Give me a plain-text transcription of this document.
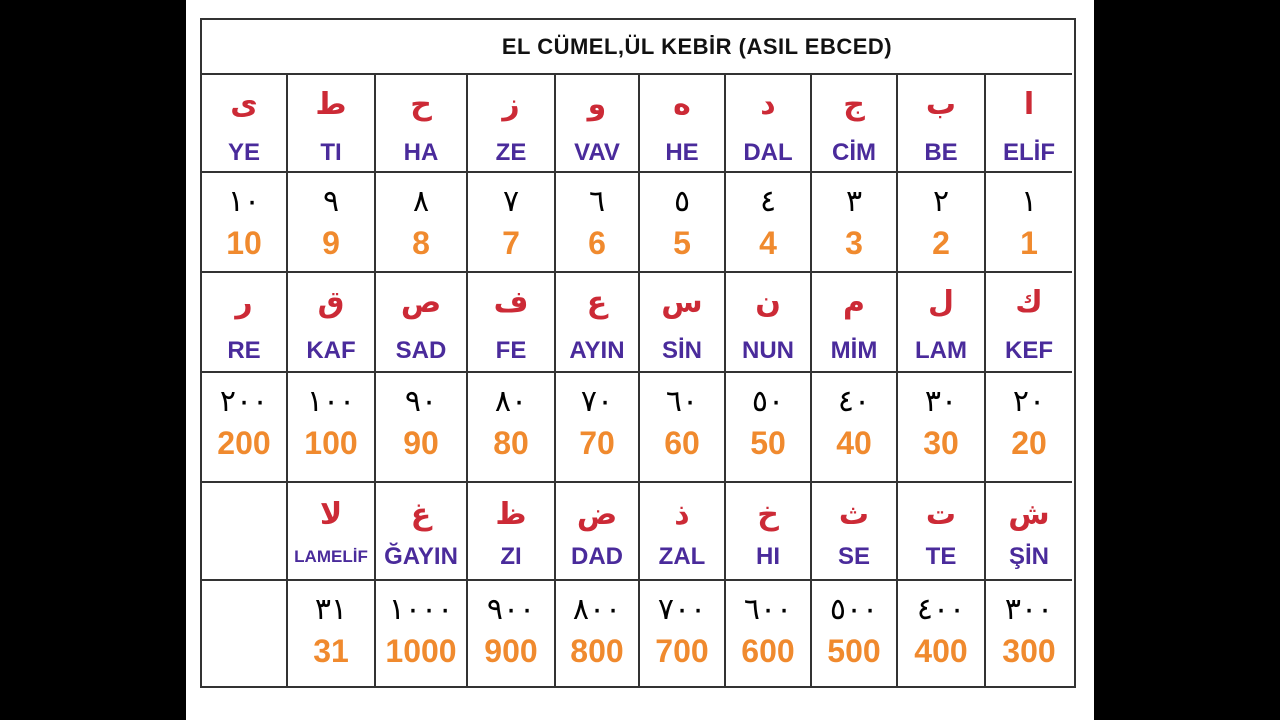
EL CÜMEL,ÜL KEBİR (ASIL EBCED)
ی
YE
ط
TI
ح
HA
ز
ZE
و
VAV
ه
HE
د
DAL
ج
CİM
ب
BE
ا
ELİF
١٠
10
٩
9
٨
8
٧
7
٦
6
٥
5
٤
4
٣
3
٢
2
١
1
ر
RE
ق
KAF
ص
SAD
ف
FE
ع
AYIN
س
SİN
ن
NUN
م
MİM
ل
LAM
ك
KEF
٢٠٠
200
١٠٠
100
٩٠
90
٨٠
80
٧٠
70
٦٠
60
٥٠
50
٤٠
40
٣٠
30
٢٠
20
لا
LAMELİF
غ
ĞAYIN
ظ
ZI
ض
DAD
ذ
ZAL
خ
HI
ث
SE
ت
TE
ش
ŞİN
٣١
31
١٠٠٠
1000
٩٠٠
900
٨٠٠
800
٧٠٠
700
٦٠٠
600
٥٠٠
500
٤٠٠
400
٣٠٠
300
